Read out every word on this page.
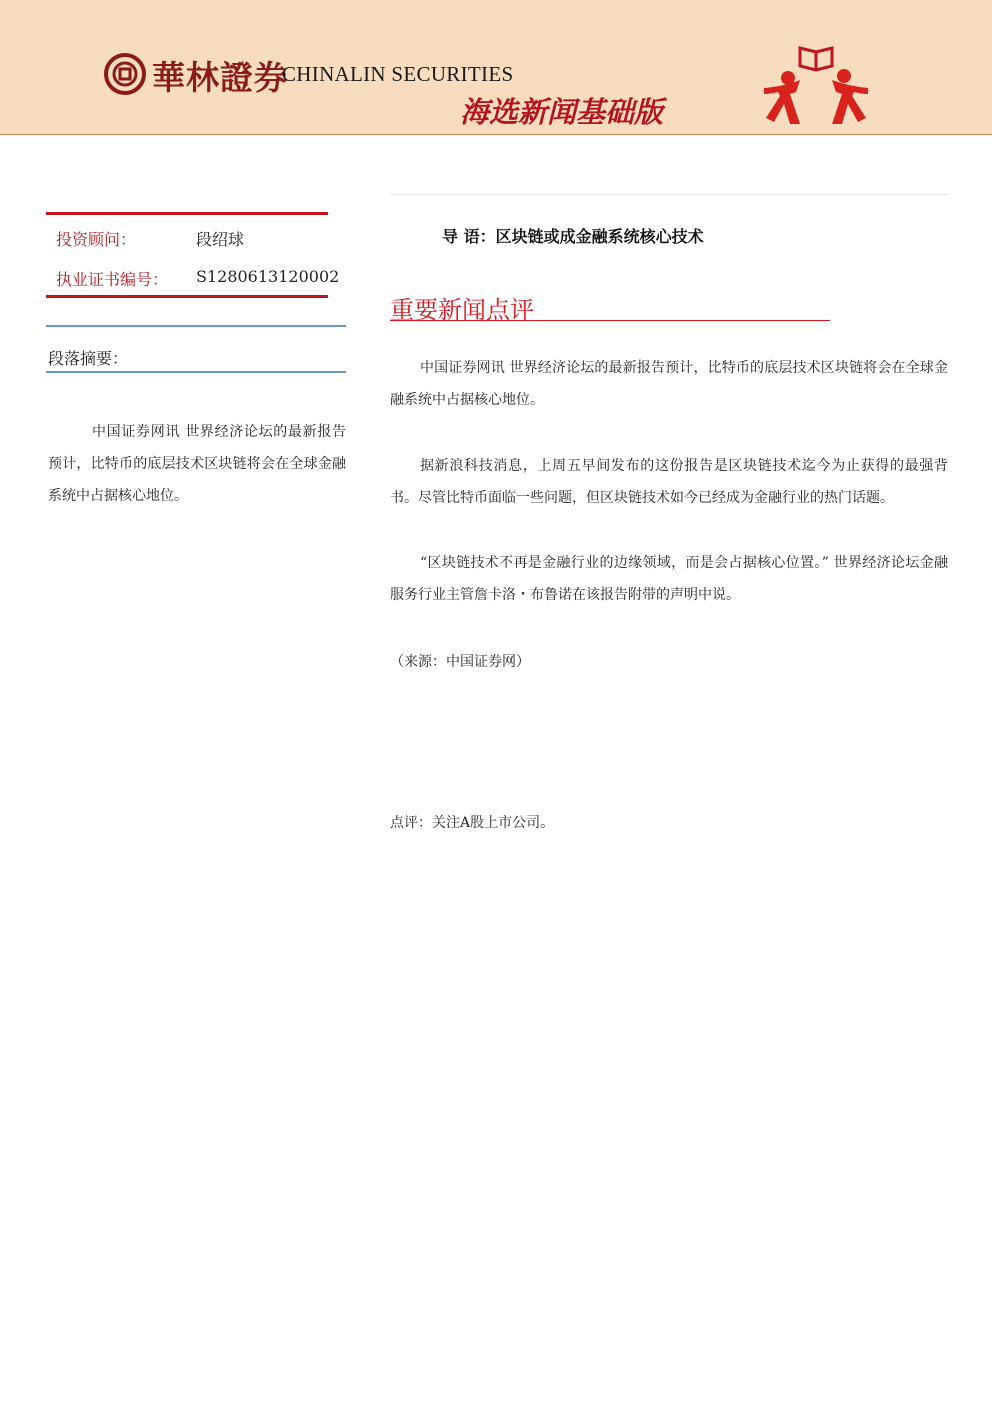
華林證券
CHINALIN SECURITIES
海选新闻基础版
投资顾问：	段绍球
执业证书编号： S1280613120002
段落摘要：
中国证券网讯 世界经济论坛的最新报告预计，比特币的底层技术区块链将会在全球金融系统中占据核心地位。
导 语：区块链或成金融系统核心技术
重要新闻点评
中国证券网讯 世界经济论坛的最新报告预计，比特币的底层技术区块链将会在全球金融系统中占据核心地位。
据新浪科技消息，上周五早间发布的这份报告是区块链技术迄今为止获得的最强背书。尽管比特币面临一些问题，但区块链技术如今已经成为金融行业的热门话题。
“区块链技术不再是金融行业的边缘领域，而是会占据核心位置。” 世界经济论坛金融服务行业主管詹卡洛・布鲁诺在该报告附带的声明中说。
（来源：中国证券网）
点评：关注A股上市公司。
